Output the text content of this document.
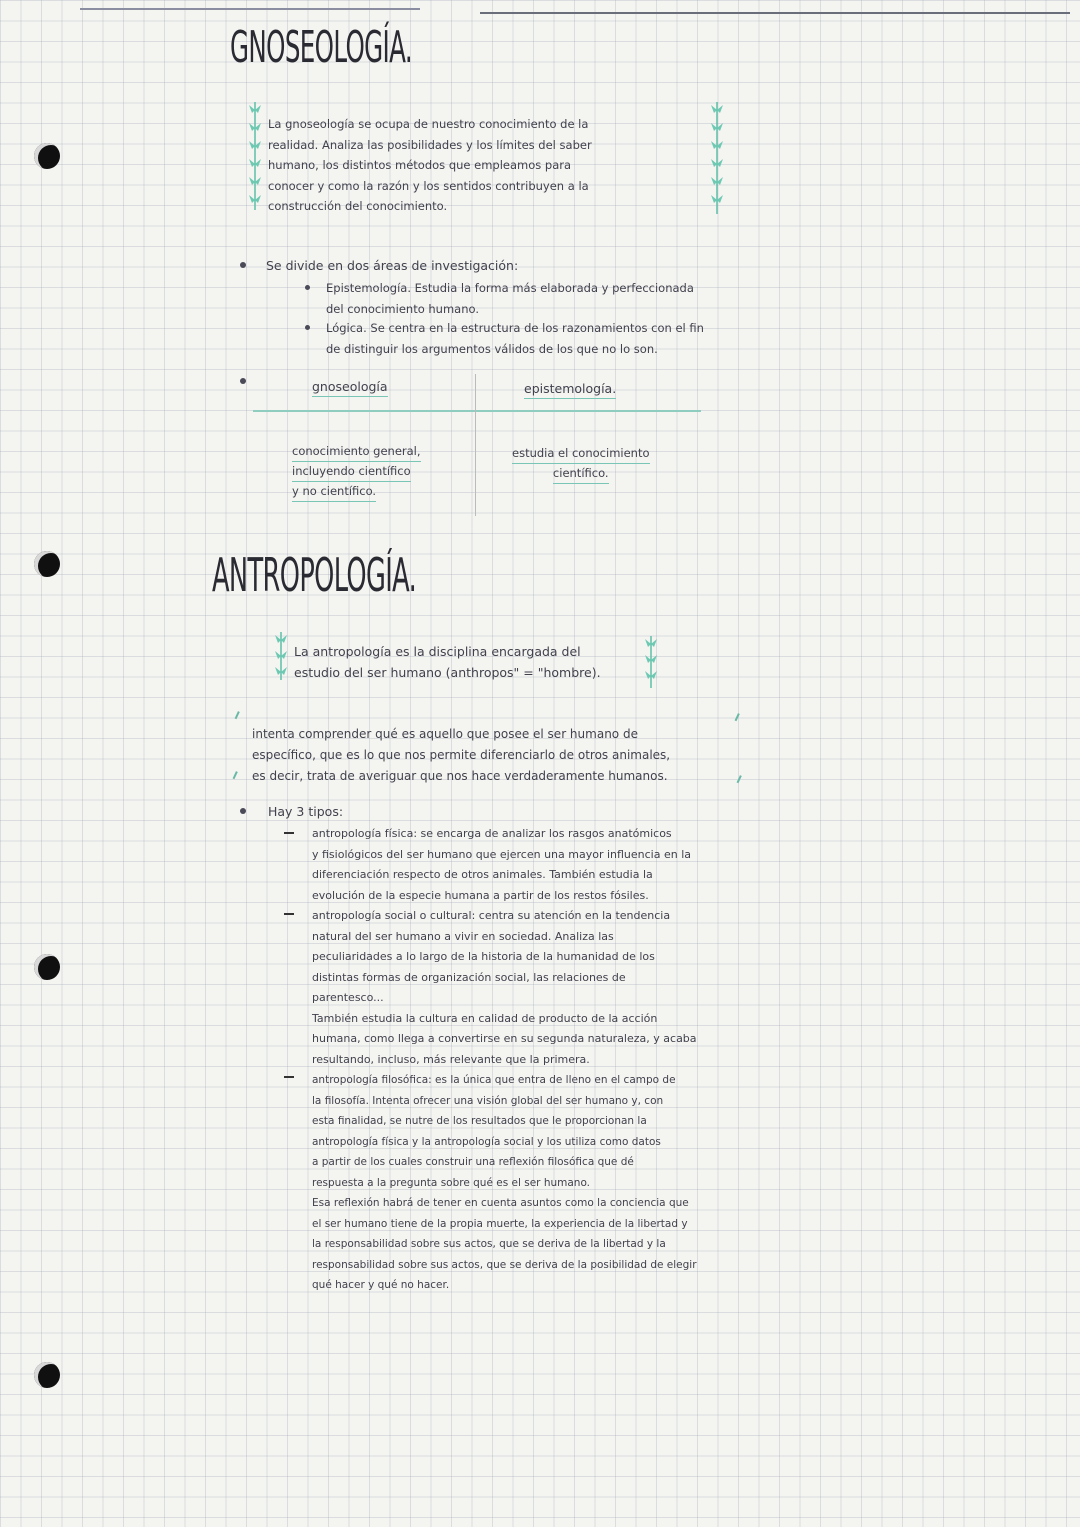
GNOSEOLOGÍA.
La gnoseología se ocupa de nuestro conocimiento de la
realidad. Analiza las posibilidades y los límites del saber
humano, los distintos métodos que empleamos para
conocer y como la razón y los sentidos contribuyen a la
construcción del conocimiento.
Se divide en dos áreas de investigación:
Epistemología. Estudia la forma más elaborada y perfeccionada
del conocimiento humano.
Lógica. Se centra en la estructura de los razonamientos con el fin
de distinguir los argumentos válidos de los que no lo son.
gnoseología	epistemología.
conocimiento general,
incluyendo científico
y no científico.
estudia el conocimiento
científico.
ANTROPOLOGÍA.
La antropología es la disciplina encargada del
estudio del ser humano (anthropos" = "hombre).
intenta comprender qué es aquello que posee el ser humano de
específico, que es lo que nos permite diferenciarlo de otros animales,
es decir, trata de averiguar que nos hace verdaderamente humanos.
Hay 3 tipos:
antropología física: se encarga de analizar los rasgos anatómicos
y fisiológicos del ser humano que ejercen una mayor influencia en la
diferenciación respecto de otros animales. También estudia la
evolución de la especie humana a partir de los restos fósiles.
antropología social o cultural: centra su atención en la tendencia
natural del ser humano a vivir en sociedad. Analiza las
peculiaridades a lo largo de la historia de la humanidad de los
distintas formas de organización social, las relaciones de
parentesco...
También estudia la cultura en calidad de producto de la acción
humana, como llega a convertirse en su segunda naturaleza, y acaba
resultando, incluso, más relevante que la primera.
antropología filosófica: es la única que entra de lleno en el campo de
la filosofía. Intenta ofrecer una visión global del ser humano y, con
esta finalidad, se nutre de los resultados que le proporcionan la
antropología física y la antropología social y los utiliza como datos
a partir de los cuales construir una reflexión filosófica que dé
respuesta a la pregunta sobre qué es el ser humano.
Esa reflexión habrá de tener en cuenta asuntos como la conciencia que
el ser humano tiene de la propia muerte, la experiencia de la libertad y
la responsabilidad sobre sus actos, que se deriva de la libertad y la
responsabilidad sobre sus actos, que se deriva de la posibilidad de elegir
qué hacer y qué no hacer.
